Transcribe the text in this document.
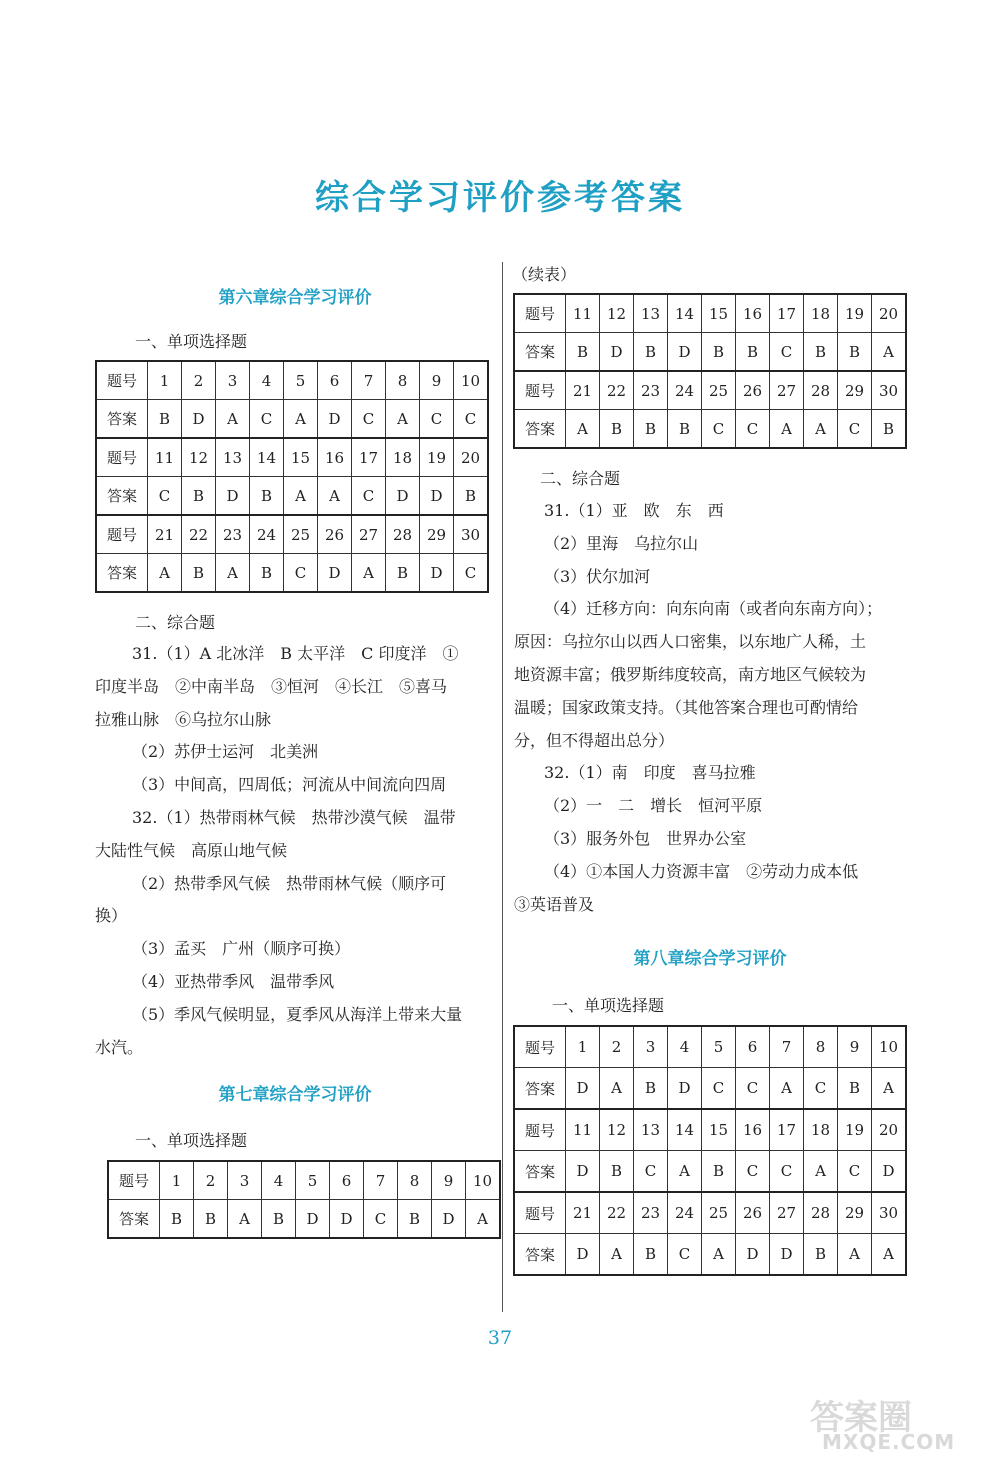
综合学习评价参考答案
第六章综合学习评价
一、单项选择题
题号	1	2	3	4	5	6	7	8	9	10
答案	B	D	A	C	A	D	C	A	C	C
题号	11	12	13	14	15	16	17	18	19	20
答案	C	B	D	B	A	A	C	D	D	B
题号	21	22	23	24	25	26	27	28	29	30
答案	A	B	A	B	C	D	A	B	D	C
二、综合题
31.（1）A 北冰洋　B 太平洋　C 印度洋　①
印度半岛　②中南半岛　③恒河　④长江　⑤喜马
拉雅山脉　⑥乌拉尔山脉
（2）苏伊士运河　北美洲
（3）中间高，四周低；河流从中间流向四周
32.（1）热带雨林气候　热带沙漠气候　温带
大陆性气候　高原山地气候
（2）热带季风气候　热带雨林气候（顺序可
换）
（3）孟买　广州（顺序可换）
（4）亚热带季风　温带季风
（5）季风气候明显，夏季风从海洋上带来大量
水汽。
第七章综合学习评价
一、单项选择题
题号	1	2	3	4	5	6	7	8	9	10
答案	B	B	A	B	D	D	C	B	D	A
（续表）
题号	11	12	13	14	15	16	17	18	19	20
答案	B	D	B	D	B	B	C	B	B	A
题号	21	22	23	24	25	26	27	28	29	30
答案	A	B	B	B	C	C	A	A	C	B
二、综合题
31.（1）亚　欧　东　西
（2）里海　乌拉尔山
（3）伏尔加河
（4）迁移方向：向东向南（或者向东南方向）；
原因：乌拉尔山以西人口密集，以东地广人稀，土
地资源丰富；俄罗斯纬度较高，南方地区气候较为
温暖；国家政策支持。（其他答案合理也可酌情给
分，但不得超出总分）
32.（1）南　印度　喜马拉雅
（2）一　二　增长　恒河平原
（3）服务外包　世界办公室
（4）①本国人力资源丰富　②劳动力成本低
③英语普及
第八章综合学习评价
一、单项选择题
题号	1	2	3	4	5	6	7	8	9	10
答案	D	A	B	D	C	C	A	C	B	A
题号	11	12	13	14	15	16	17	18	19	20
答案	D	B	C	A	B	C	C	A	C	D
题号	21	22	23	24	25	26	27	28	29	30
答案	D	A	B	C	A	D	D	B	A	A
37
答案圈
MXQE.COM
